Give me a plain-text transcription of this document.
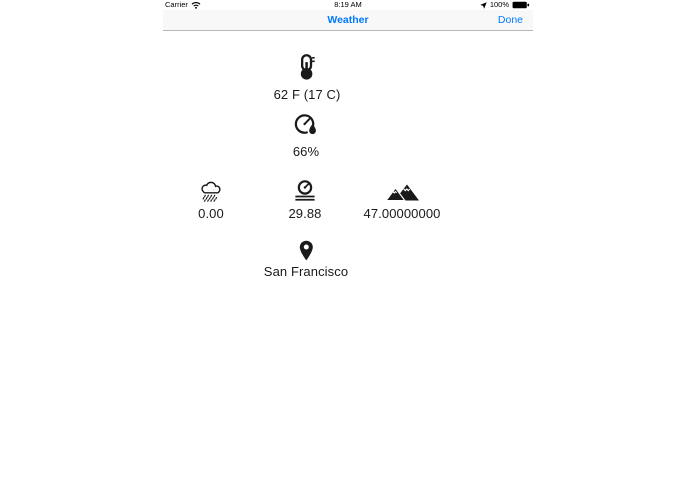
Carrier	8:19 AM	100%
Weather	Done
62 F (17 C)
66%
0.00	29.88	47.00000000
San Francisco
